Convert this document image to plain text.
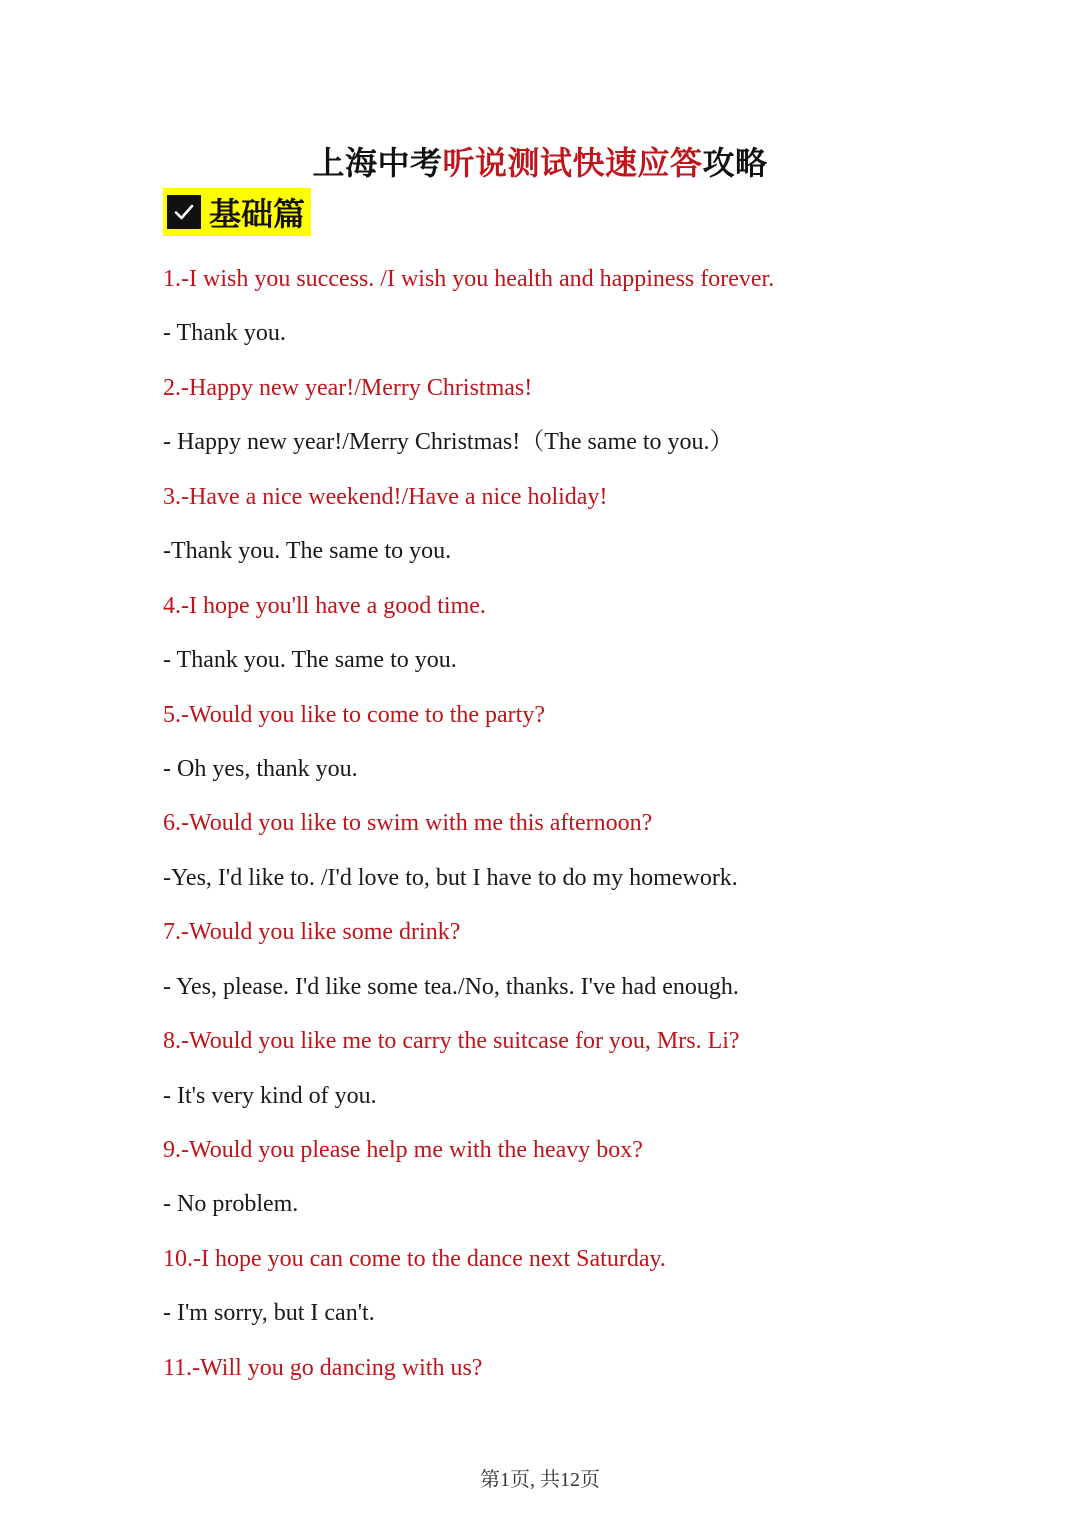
上海中考听说测试快速应答攻略
基础篇

1.-I wish you success. /I wish you health and happiness forever.

- Thank you.

2.-Happy new year!/Merry Christmas!

- Happy new year!/Merry Christmas!（The same to you.）

3.-Have a nice weekend!/Have a nice holiday!

-Thank you. The same to you.

4.-I hope you'll have a good time.

- Thank you. The same to you.

5.-Would you like to come to the party?

- Oh yes, thank you.

6.-Would you like to swim with me this afternoon?

-Yes, I'd like to. /I'd love to, but I have to do my homework.

7.-Would you like some drink?

- Yes, please. I'd like some tea./No, thanks. I've had enough.

8.-Would you like me to carry the suitcase for you, Mrs. Li?

- It's very kind of you.

9.-Would you please help me with the heavy box?

- No problem.

10.-I hope you can come to the dance next Saturday.

- I'm sorry, but I can't.

11.-Will you go dancing with us?

第1页, 共12页
